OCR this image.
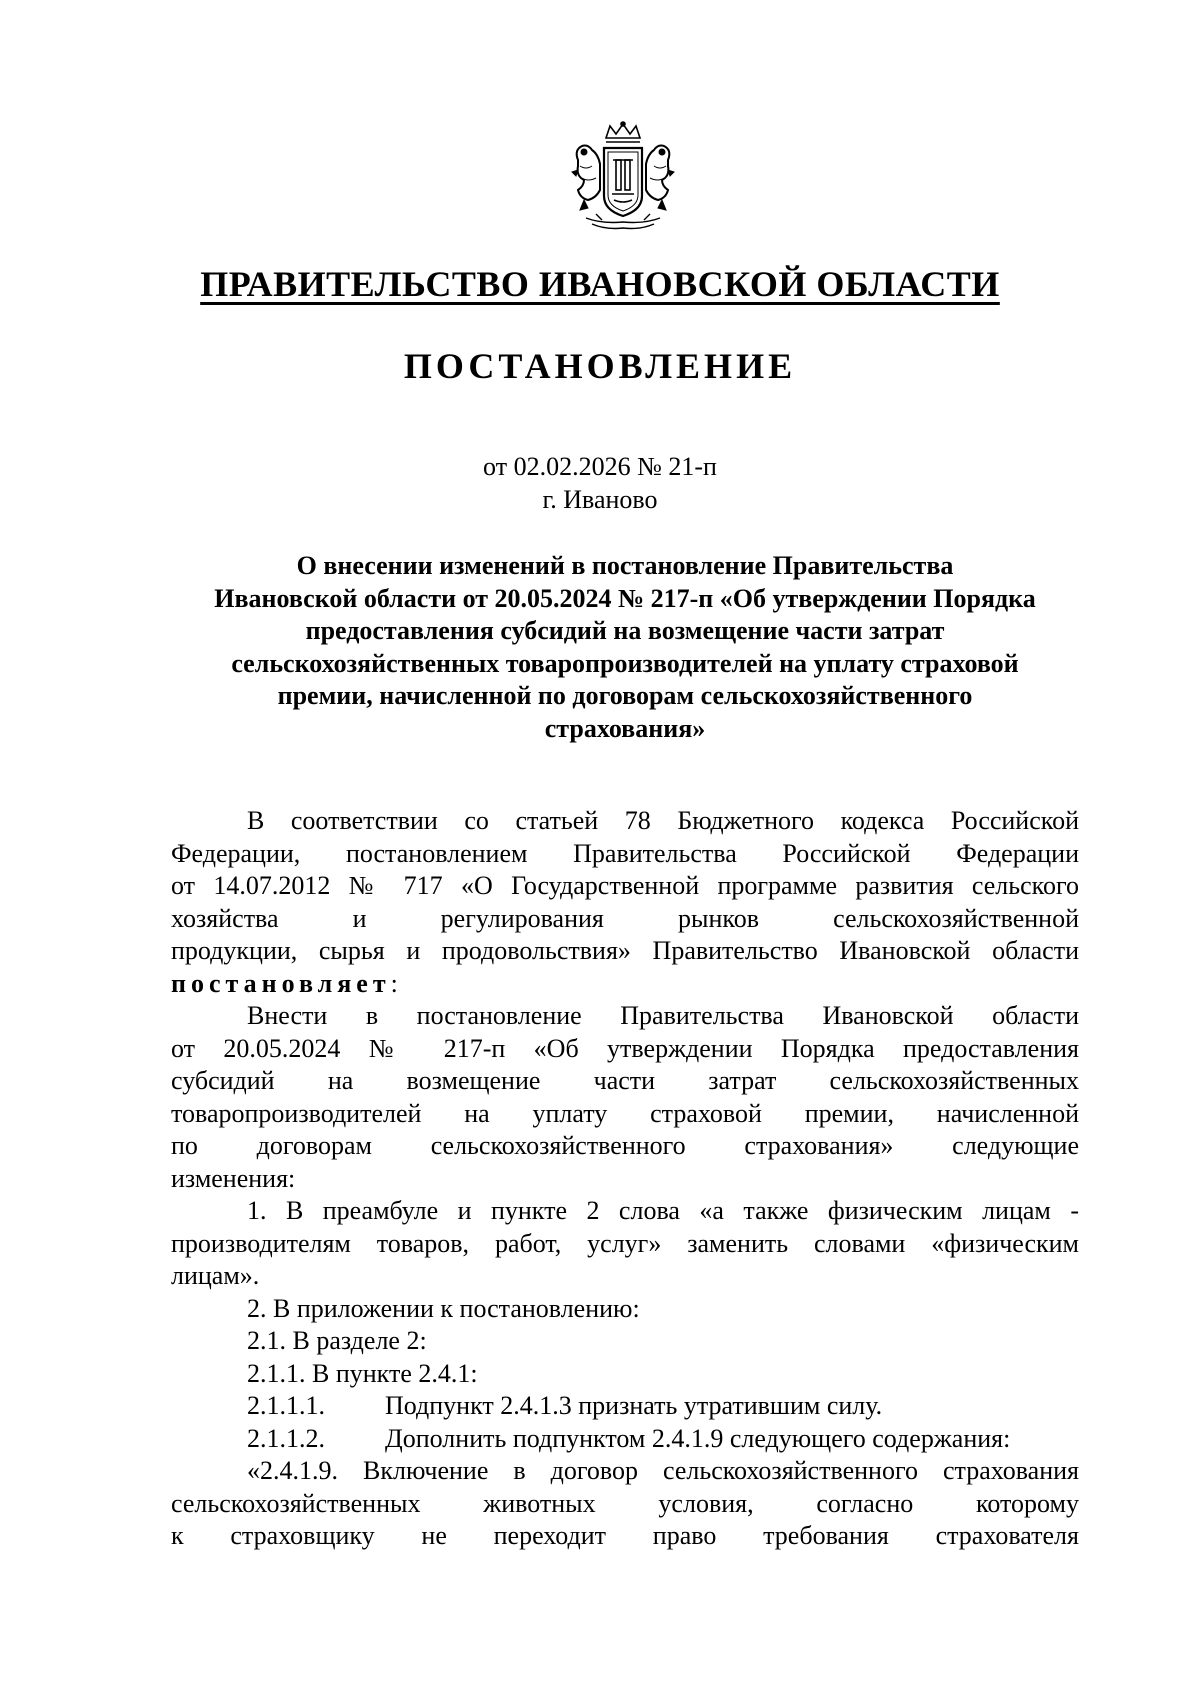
ПРАВИТЕЛЬСТВО ИВАНОВСКОЙ ОБЛАСТИ
ПОСТАНОВЛЕНИЕ
от 02.02.2026 № 21-п
г. Иваново
О внесении изменений в постановление Правительства
Ивановской области от 20.05.2024 № 217-п «Об утверждении Порядка
предоставления субсидий на возмещение части затрат
сельскохозяйственных товаропроизводителей на уплату страховой
премии, начисленной по договорам сельскохозяйственного
страхования»
В соответствии со статьей 78 Бюджетного кодекса Российской
Федерации, постановлением Правительства Российской Федерации
от 14.07.2012 № 717 «О Государственной программе развития сельского
хозяйства и регулирования рынков сельскохозяйственной
продукции, сырья и продовольствия» Правительство Ивановской области
постановляет:
Внести в постановление Правительства Ивановской области
от 20.05.2024 № 217-п «Об утверждении Порядка предоставления
субсидий на возмещение части затрат сельскохозяйственных
товаропроизводителей на уплату страховой премии, начисленной
по договорам сельскохозяйственного страхования» следующие
изменения:
1. В преамбуле и пункте 2 слова «а также физическим лицам -
производителям товаров, работ, услуг» заменить словами «физическим
лицам».
2. В приложении к постановлению:
2.1. В разделе 2:
2.1.1. В пункте 2.4.1:
2.1.1.1. Подпункт 2.4.1.3 признать утратившим силу.
2.1.1.2. Дополнить подпунктом 2.4.1.9 следующего содержания:
«2.4.1.9. Включение в договор сельскохозяйственного страхования
сельскохозяйственных животных условия, согласно которому
к страховщику не переходит право требования страхователя
